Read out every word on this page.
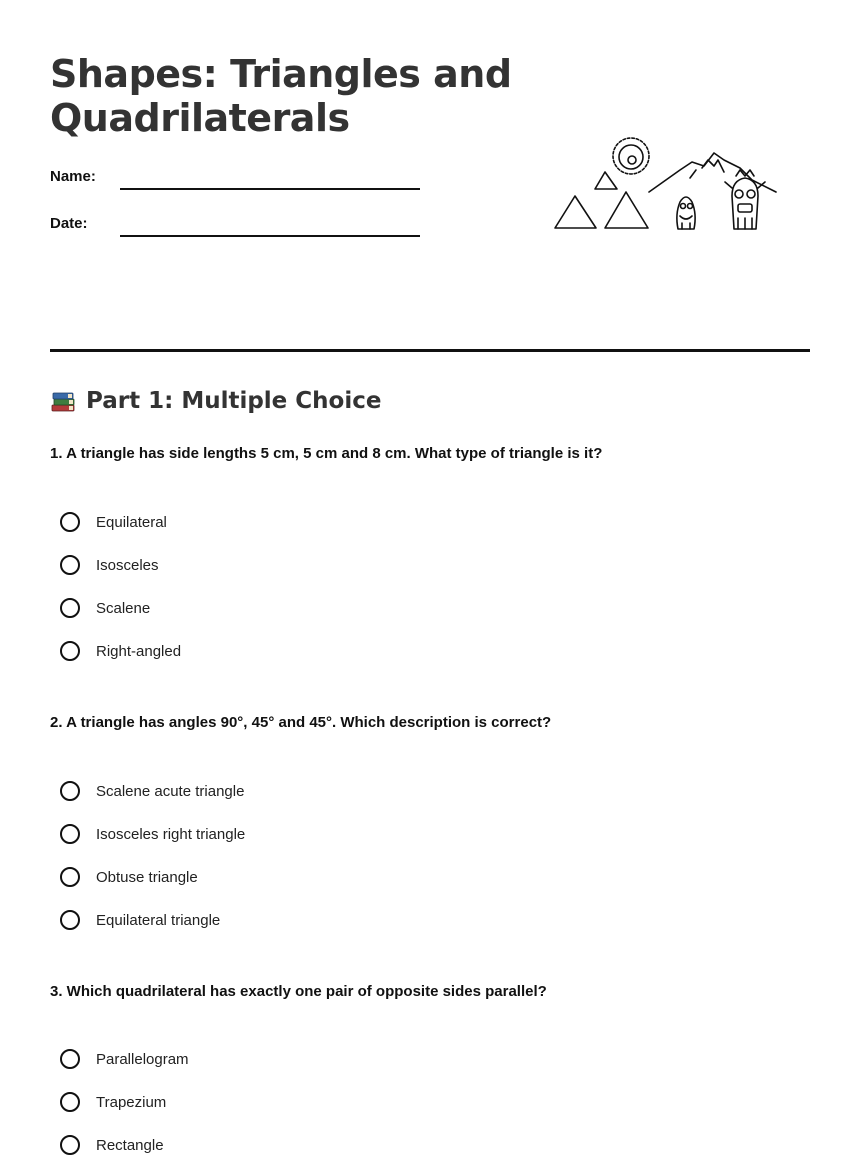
Shapes: Triangles and
Quadrilaterals
Name:
Date:
Part 1: Multiple Choice

1. A triangle has side lengths 5 cm, 5 cm and 8 cm. What type of triangle is it?

Equilateral
Isosceles
Scalene
Right-angled

2. A triangle has angles 90°, 45° and 45°. Which description is correct?

Scalene acute triangle
Isosceles right triangle
Obtuse triangle
Equilateral triangle

3. Which quadrilateral has exactly one pair of opposite sides parallel?

Parallelogram
Trapezium
Rectangle
